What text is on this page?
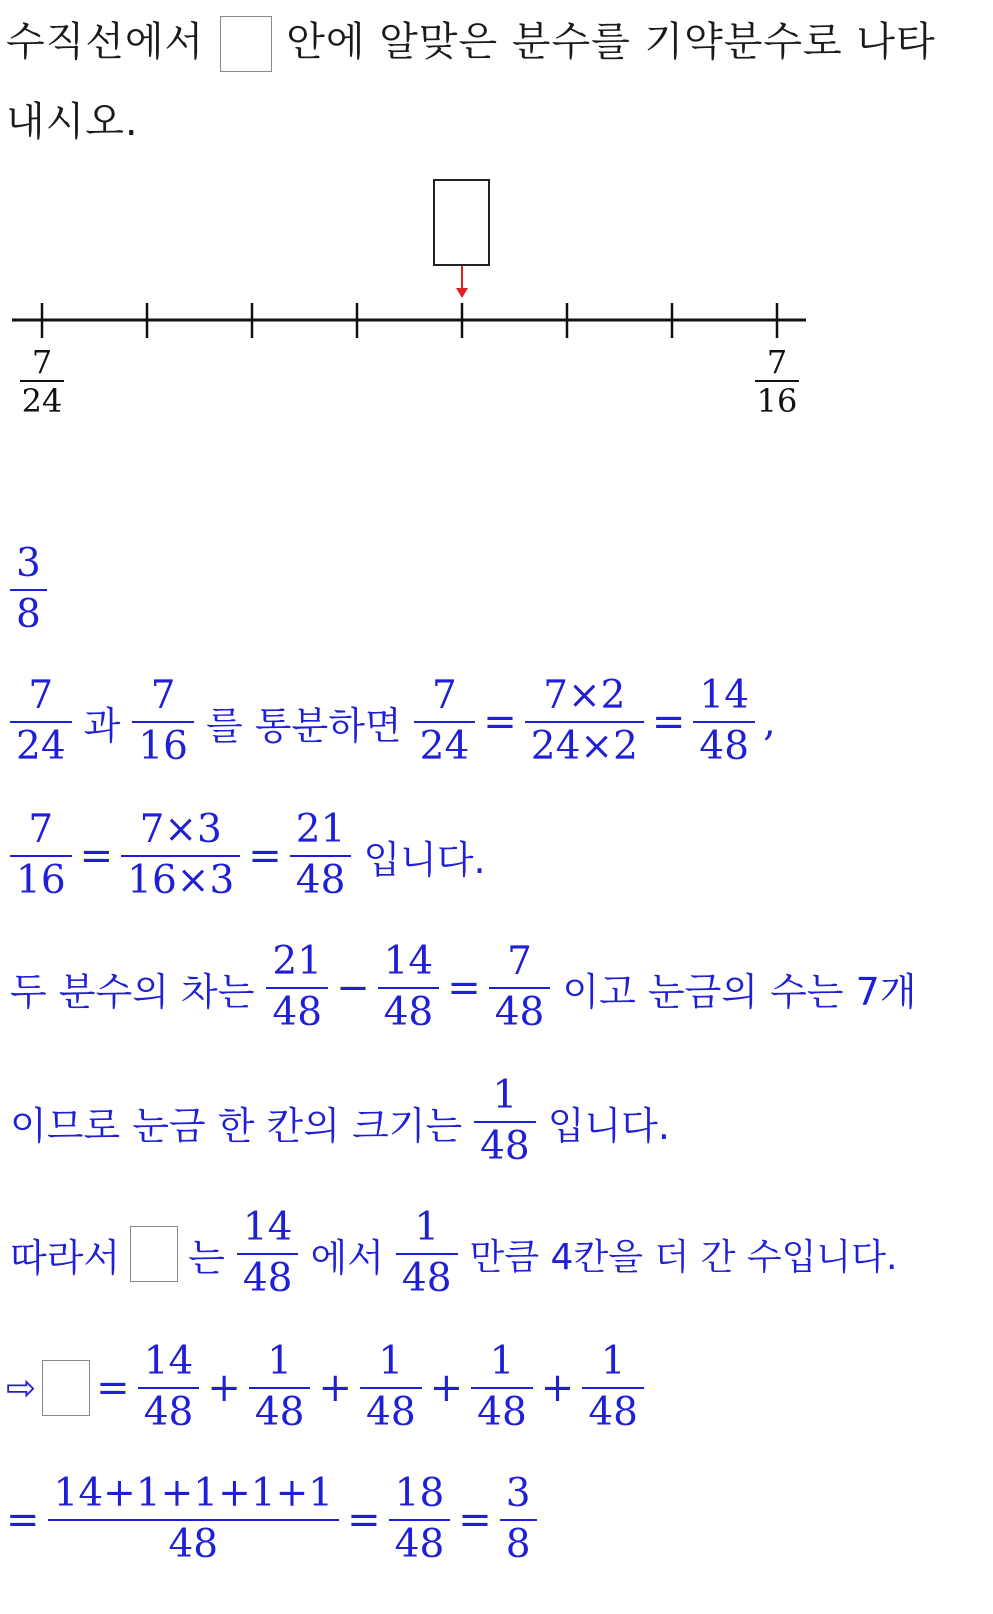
수직선에서 안에 알맞은 분수를 기약분수로 나타
내시오.
7
24
7
16
$\frac{3}{8}$
$\frac{7}{24}$ 과 $\frac{7}{16}$ 를 통분하면 $\frac{7}{24} = \frac{7\times 2}{24\times 2} = \frac{14}{48}$ ,
$\frac{7}{16} = \frac{7\times 3}{16\times 3} = \frac{21}{48}$ 입니다.
두 분수의 차는 $\frac{21}{48} - \frac{14}{48} = \frac{7}{48}$ 이고 눈금의 수는 7개
이므로 눈금 한 칸의 크기는 $\frac{1}{48}$ 입니다.
따라서 는 $\frac{14}{48}$ 에서 $\frac{1}{48}$ 만큼 4칸을 더 간 수입니다.
⇨ = $\frac{14}{48} + \frac{1}{48} + \frac{1}{48} + \frac{1}{48} + \frac{1}{48}$
= $\frac{14+1+1+1+1}{48} = \frac{18}{48} = \frac{3}{8}$
